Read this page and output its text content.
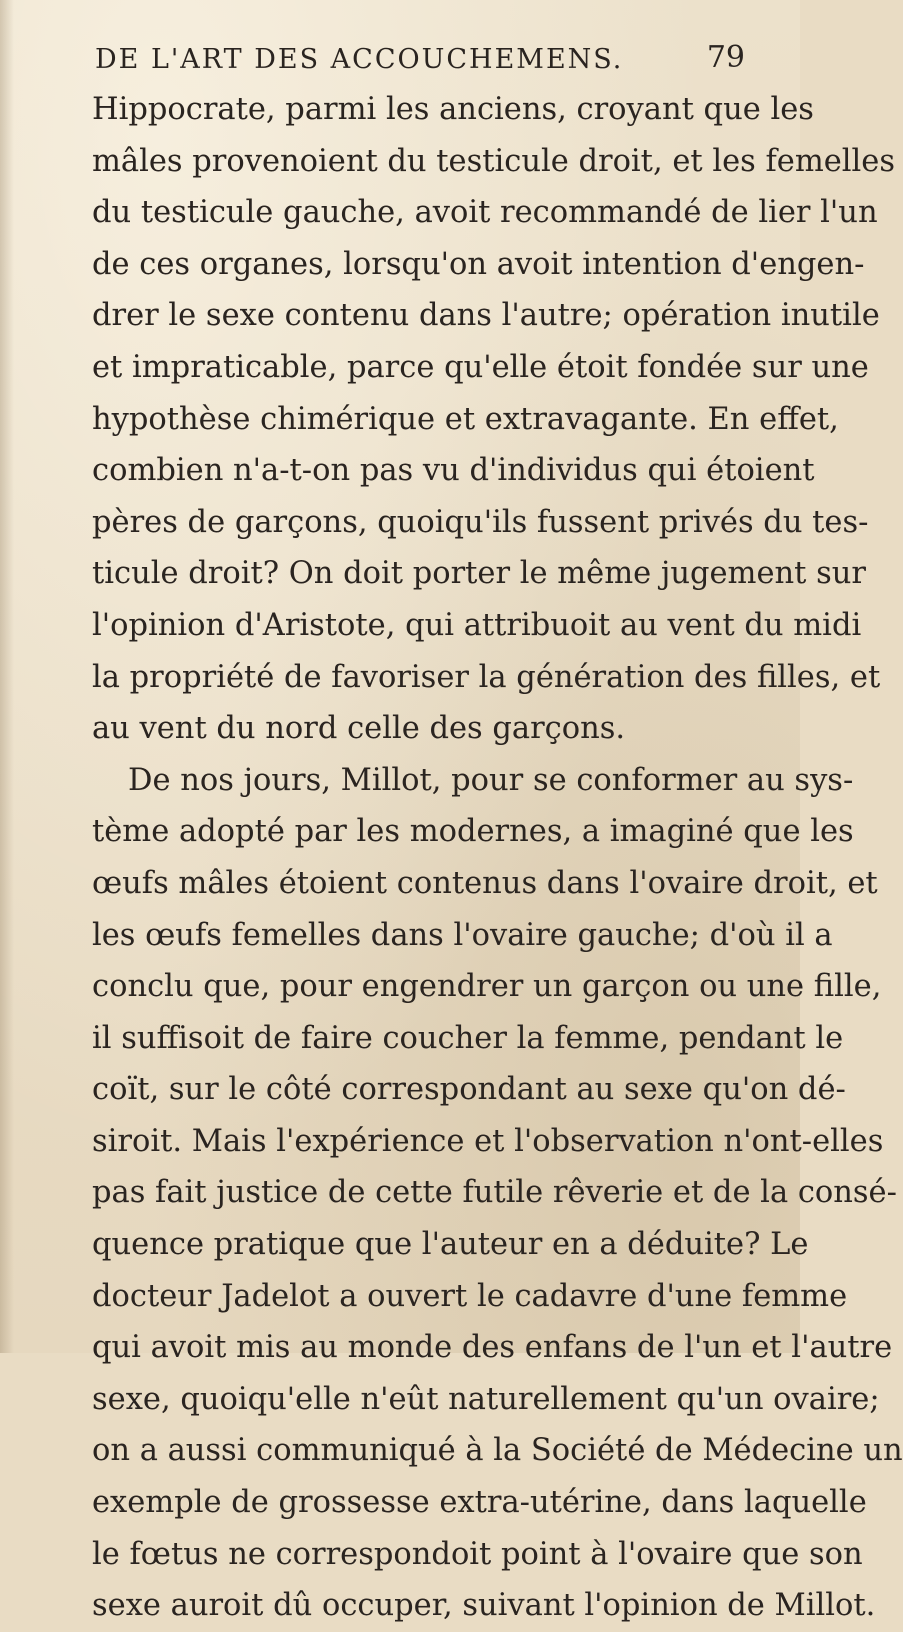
DE L'ART DES ACCOUCHEMENS.	79
Hippocrate, parmi les anciens, croyant que les
mâles provenoient du testicule droit, et les femelles
du testicule gauche, avoit recommandé de lier l'un
de ces organes, lorsqu'on avoit intention d'engen-
drer le sexe contenu dans l'autre; opération inutile
et impraticable, parce qu'elle étoit fondée sur une
hypothèse chimérique et extravagante. En effet,
combien n'a-t-on pas vu d'individus qui étoient
pères de garçons, quoiqu'ils fussent privés du tes-
ticule droit? On doit porter le même jugement sur
l'opinion d'Aristote, qui attribuoit au vent du midi
la propriété de favoriser la génération des filles, et
au vent du nord celle des garçons.
De nos jours, Millot, pour se conformer au sys-
tème adopté par les modernes, a imaginé que les
œufs mâles étoient contenus dans l'ovaire droit, et
les œufs femelles dans l'ovaire gauche; d'où il a
conclu que, pour engendrer un garçon ou une fille,
il suffisoit de faire coucher la femme, pendant le
coït, sur le côté correspondant au sexe qu'on dé-
siroit. Mais l'expérience et l'observation n'ont-elles
pas fait justice de cette futile rêverie et de la consé-
quence pratique que l'auteur en a déduite? Le
docteur Jadelot a ouvert le cadavre d'une femme
qui avoit mis au monde des enfans de l'un et l'autre
sexe, quoiqu'elle n'eût naturellement qu'un ovaire;
on a aussi communiqué à la Société de Médecine un
exemple de grossesse extra-utérine, dans laquelle
le fœtus ne correspondoit point à l'ovaire que son
sexe auroit dû occuper, suivant l'opinion de Millot.
